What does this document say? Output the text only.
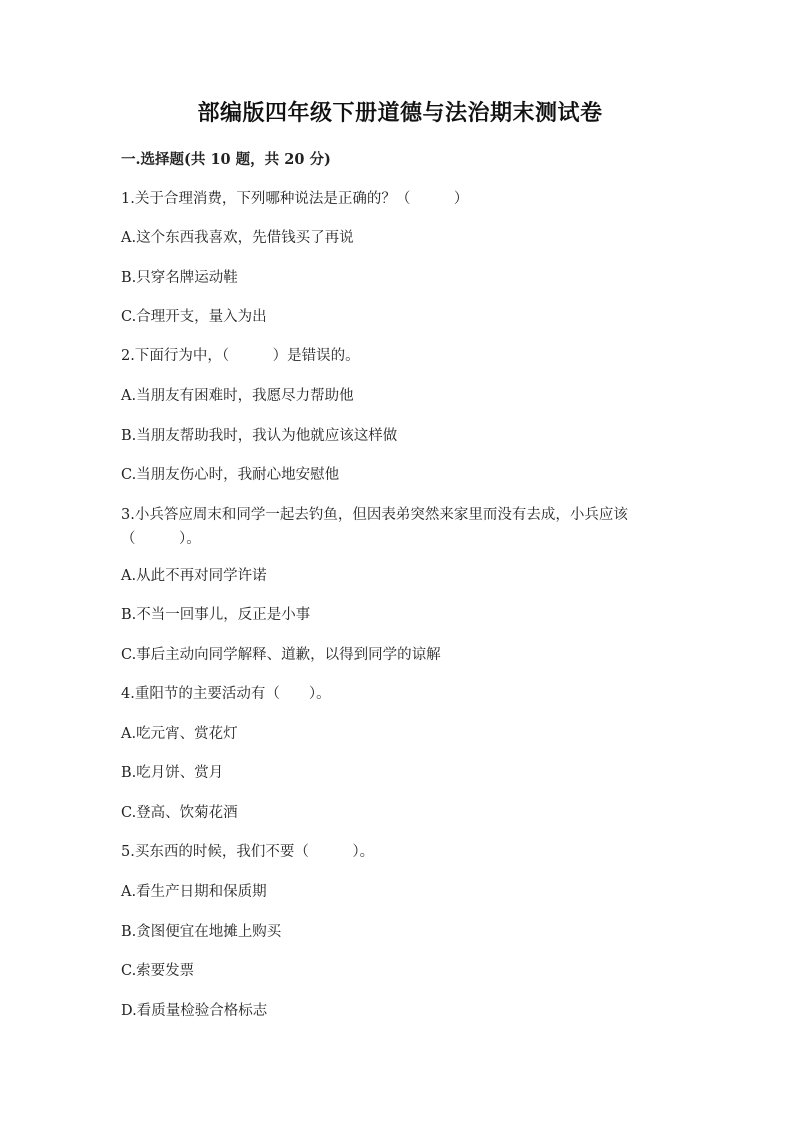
部编版四年级下册道德与法治期末测试卷
一.选择题(共 10 题，共 20 分)
1.关于合理消费，下列哪种说法是正确的？（　　　）
A.这个东西我喜欢，先借钱买了再说
B.只穿名牌运动鞋
C.合理开支，量入为出
2.下面行为中，（　　　）是错误的。
A.当朋友有困难时，我愿尽力帮助他
B.当朋友帮助我时，我认为他就应该这样做
C.当朋友伤心时，我耐心地安慰他
3.小兵答应周末和同学一起去钓鱼，但因表弟突然来家里而没有去成，小兵应该（　　　）。
A.从此不再对同学许诺
B.不当一回事儿，反正是小事
C.事后主动向同学解释、道歉，以得到同学的谅解
4.重阳节的主要活动有（　　）。
A.吃元宵、赏花灯
B.吃月饼、赏月
C.登高、饮菊花酒
5.买东西的时候，我们不要（　　　）。
A.看生产日期和保质期
B.贪图便宜在地摊上购买
C.索要发票
D.看质量检验合格标志
